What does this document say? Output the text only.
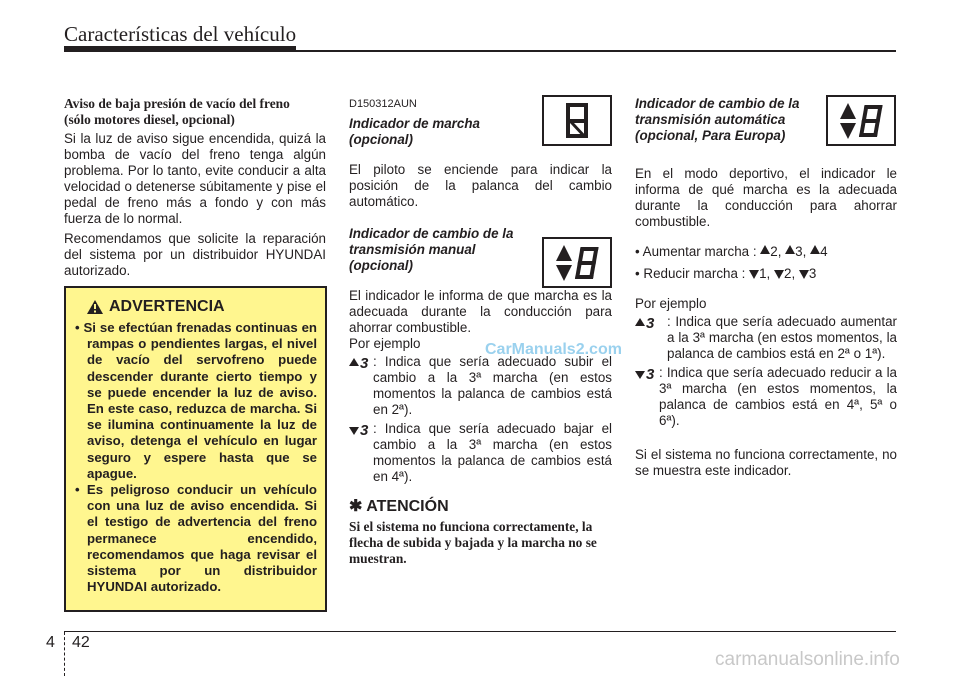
Características del vehículo
Aviso de baja presión de vacío del freno
(sólo motores diesel, opcional)

Si la luz de aviso sigue encendida, quizá la bomba de vacío del freno tenga algún problema. Por lo tanto, evite conducir a alta velocidad o detenerse súbitamente y pise el pedal de freno más a fondo y con más fuerza de lo normal.

Recomendamos que solicite la reparación del sistema por un distribuidor HYUNDAI autorizado.

ADVERTENCIA
• Si se efectúan frenadas continuas en rampas o pendientes largas, el nivel de vacío del servofreno puede descender durante cierto tiempo y se puede encender la luz de aviso. En este caso, reduzca de marcha. Si se ilumina continuamente la luz de aviso, detenga el vehículo en lugar seguro y espere hasta que se apague.
• Es peligroso conducir un vehículo con una luz de aviso encendida. Si el testigo de advertencia del freno permanece encendido, recomendamos que haga revisar el sistema por un distribuidor HYUNDAI autorizado.
D150312AUN
Indicador de marcha
(opcional)

El piloto se enciende para indicar la posición de la palanca del cambio automático.

Indicador de cambio de la
transmisión manual
(opcional)

El indicador le informa de que marcha es la adecuada durante la conducción para ahorrar combustible.

Por ejemplo
3 : Indica que sería adecuado subir el cambio a la 3ª marcha (en estos momentos la palanca de cambios está en 2ª).
3 : Indica que sería adecuado bajar el cambio a la 3ª marcha (en estos momentos la palanca de cambios está en 4ª).
✱ ATENCIÓN
Si el sistema no funciona correctamente, la flecha de subida y bajada y la marcha no se muestran.
Indicador de cambio de la
transmisión automática
(opcional, Para Europa)

En el modo deportivo, el indicador le informa de qué marcha es la adecuada durante la conducción para ahorrar combustible.

• Aumentar marcha : 2, 3, 4
• Reducir marcha : 1, 2, 3
Por ejemplo
3 : Indica que sería adecuado aumentar a la 3ª marcha (en estos momentos, la palanca de cambios está en 2ª o 1ª).
3 : Indica que sería adecuado reducir a la 3ª marcha (en estos momentos, la palanca de cambios está en 4ª, 5ª o 6ª).

Si el sistema no funciona correctamente, no se muestra este indicador.

CarManuals2.com
carmanualsonline.info
4 42
